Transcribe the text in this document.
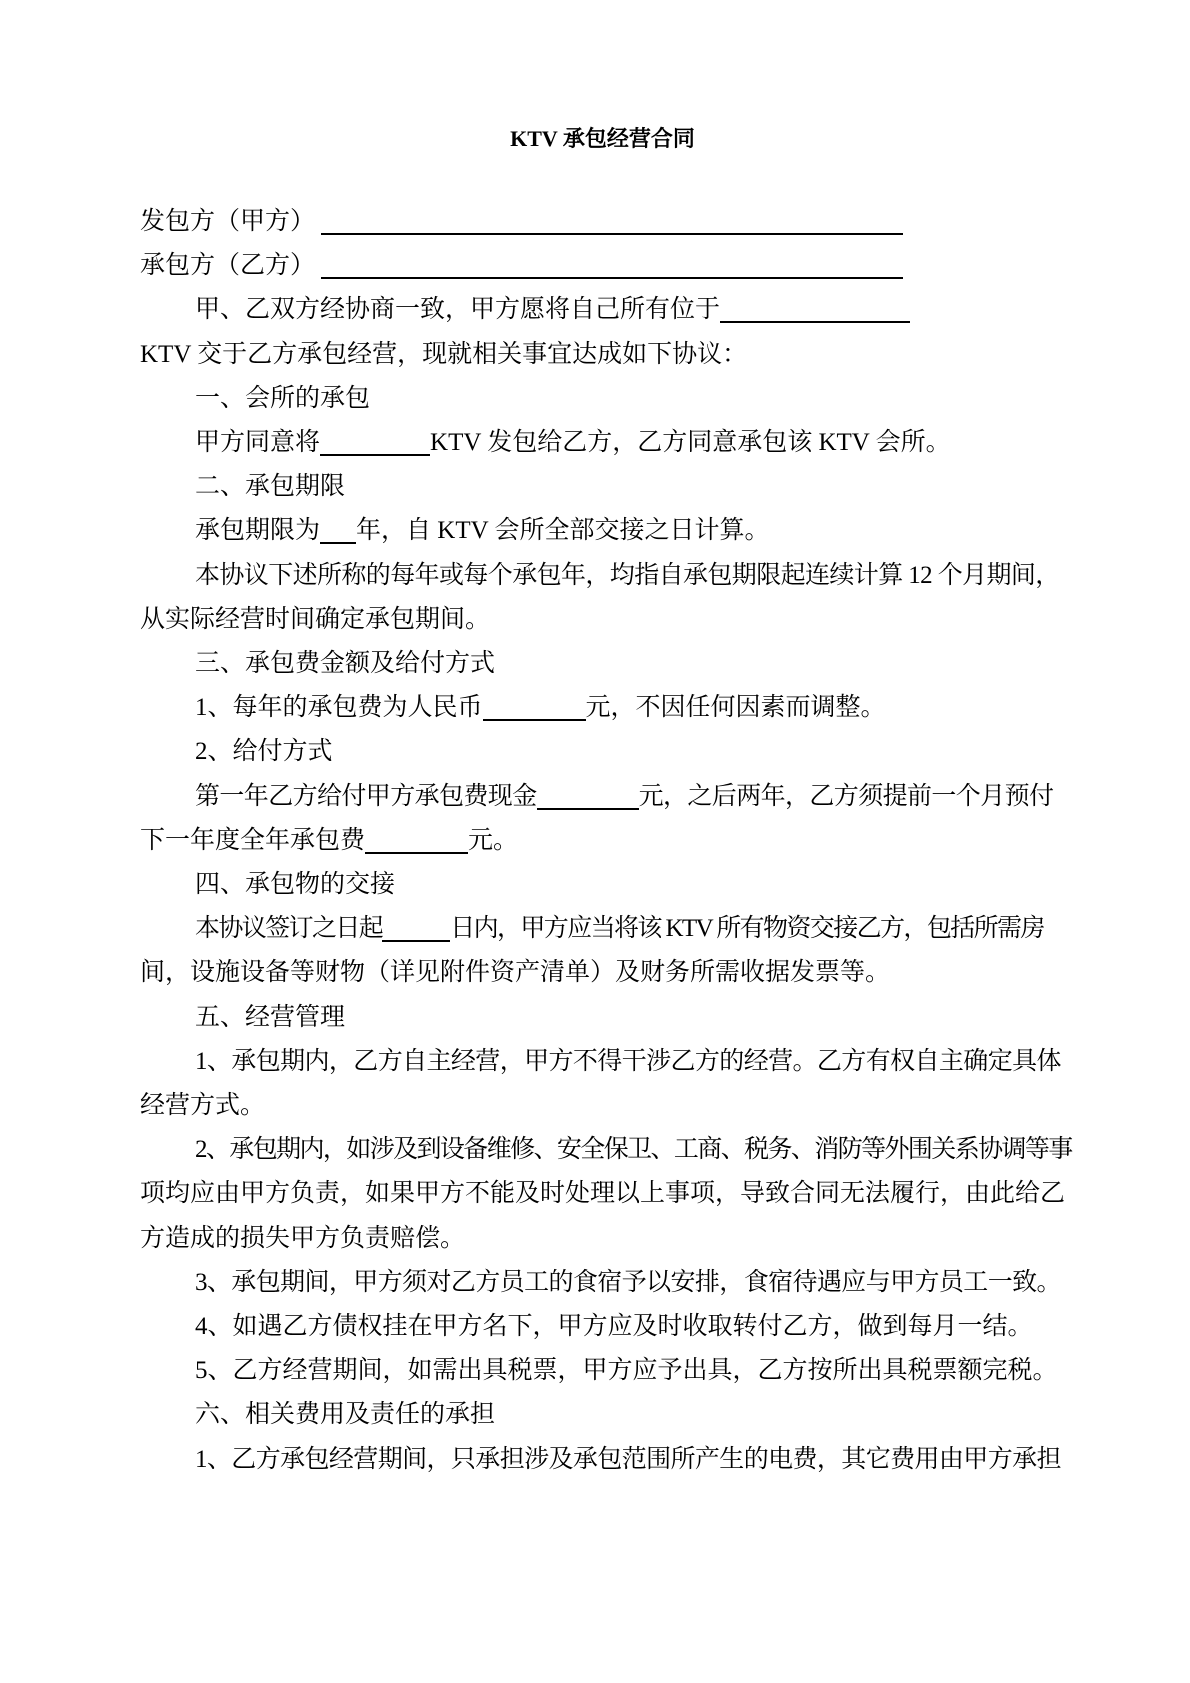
KTV 承包经营合同

发包方（甲方）

承包方（乙方）

甲、乙双方经协商一致，甲方愿将自己所有位于

KTV 交于乙方承包经营，现就相关事宜达成如下协议：

一、会所的承包

甲方同意将	KTV 发包给乙方，乙方同意承包该 KTV 会所。

二、承包期限

承包期限为 年，自 KTV 会所全部交接之日计算。

本协议下述所称的每年或每个承包年，均指自承包期限起连续计算 12 个月期间，

从实际经营时间确定承包期间。

三、承包费金额及给付方式

1、每年的承包费为人民币	元，不因任何因素而调整。

2、给付方式

第一年乙方给付甲方承包费现金	元，之后两年，乙方须提前一个月预付

下一年度全年承包费	元。

四、承包物的交接

本协议签订之日起	日内，甲方应当将该 KTV 所有物资交接乙方，包括所需房

间，设施设备等财物（详见附件资产清单）及财务所需收据发票等。

五、经营管理

1、承包期内，乙方自主经营，甲方不得干涉乙方的经营。乙方有权自主确定具体

经营方式。

2、承包期内，如涉及到设备维修、安全保卫、工商、税务、消防等外围关系协调等事

项均应由甲方负责，如果甲方不能及时处理以上事项，导致合同无法履行，由此给乙

方造成的损失甲方负责赔偿。

3、承包期间，甲方须对乙方员工的食宿予以安排，食宿待遇应与甲方员工一致。

4、如遇乙方债权挂在甲方名下，甲方应及时收取转付乙方，做到每月一结。

5、乙方经营期间，如需出具税票，甲方应予出具，乙方按所出具税票额完税。

六、相关费用及责任的承担

1、乙方承包经营期间，只承担涉及承包范围所产生的电费，其它费用由甲方承担
